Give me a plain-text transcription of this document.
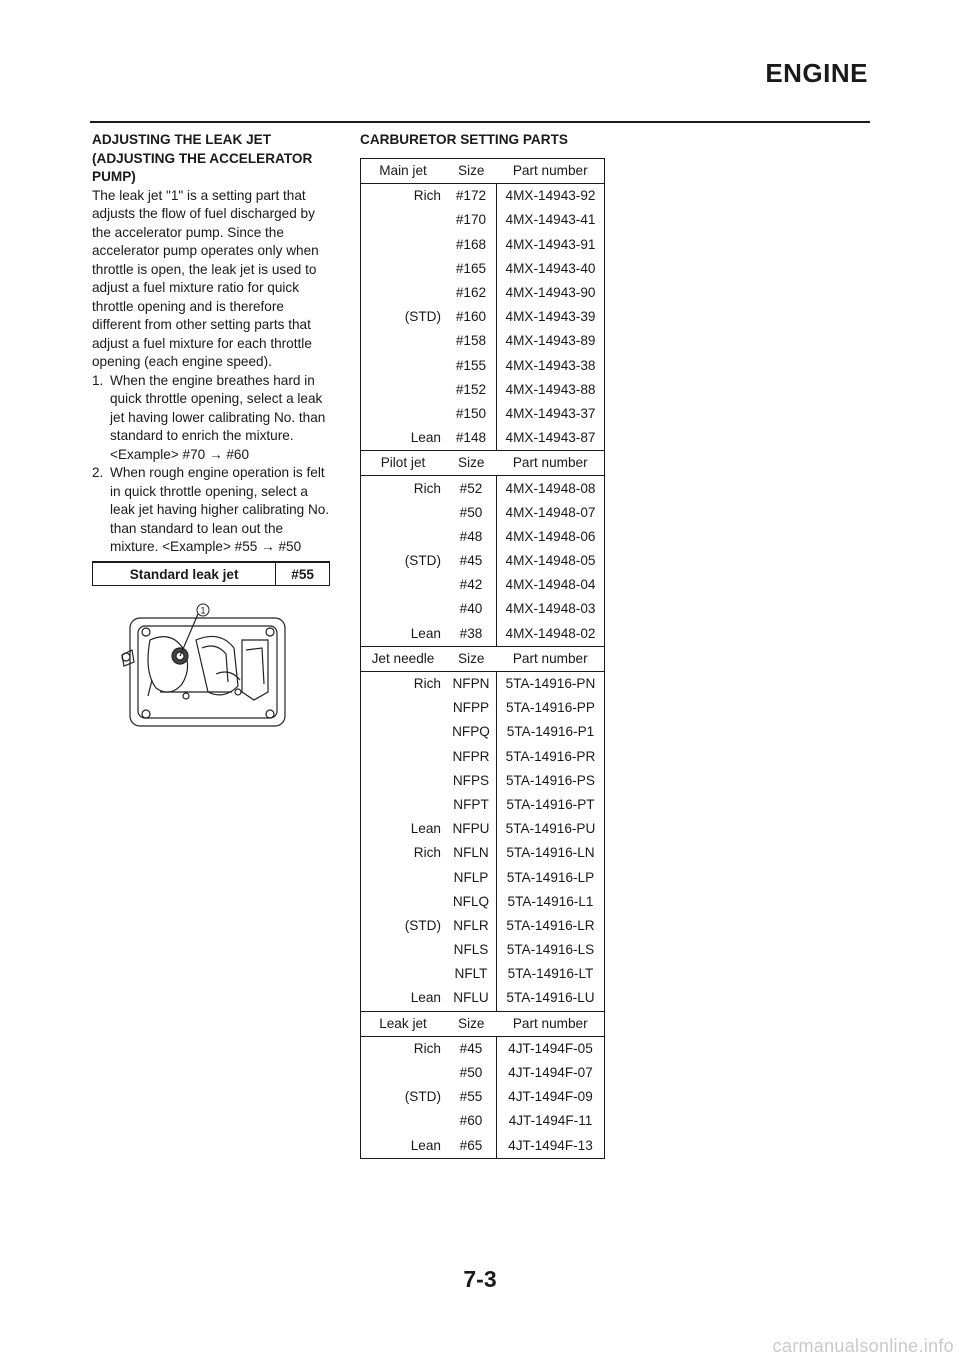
ENGINE

ADJUSTING THE LEAK JET (ADJUSTING THE ACCELERATOR PUMP)

The leak jet "1" is a setting part that adjusts the flow of fuel discharged by the accelerator pump. Since the accelerator pump operates only when throttle is open, the leak jet is used to adjust a fuel mixture ratio for quick throttle opening and is therefore different from other setting parts that adjust a fuel mixture for each throttle opening (each engine speed).

1. When the engine breathes hard in quick throttle opening, select a leak jet having lower calibrating No. than standard to enrich the mixture. <Example> #70 → #60
2. When rough engine operation is felt in quick throttle opening, select a leak jet having higher calibrating No. than standard to lean out the mixture. <Example> #55 → #50
Standard leak jet	#55
1

CARBURETOR SETTING PARTS

Main jet	Size	Part number
Rich	#172	4MX-14943-92
	#170	4MX-14943-41
	#168	4MX-14943-91
	#165	4MX-14943-40
	#162	4MX-14943-90
(STD)	#160	4MX-14943-39
	#158	4MX-14943-89
	#155	4MX-14943-38
	#152	4MX-14943-88
	#150	4MX-14943-37
Lean	#148	4MX-14943-87
Pilot jet	Size	Part number
Rich	#52	4MX-14948-08
	#50	4MX-14948-07
	#48	4MX-14948-06
(STD)	#45	4MX-14948-05
	#42	4MX-14948-04
	#40	4MX-14948-03
Lean	#38	4MX-14948-02
Jet needle	Size	Part number
Rich	NFPN	5TA-14916-PN
	NFPP	5TA-14916-PP
	NFPQ	5TA-14916-P1
	NFPR	5TA-14916-PR
	NFPS	5TA-14916-PS
	NFPT	5TA-14916-PT
Lean	NFPU	5TA-14916-PU
Rich	NFLN	5TA-14916-LN
	NFLP	5TA-14916-LP
	NFLQ	5TA-14916-L1
(STD)	NFLR	5TA-14916-LR
	NFLS	5TA-14916-LS
	NFLT	5TA-14916-LT
Lean	NFLU	5TA-14916-LU
Leak jet	Size	Part number
Rich	#45	4JT-1494F-05
	#50	4JT-1494F-07
(STD)	#55	4JT-1494F-09
	#60	4JT-1494F-11
Lean	#65	4JT-1494F-13
7-3
carmanualsonline.info
